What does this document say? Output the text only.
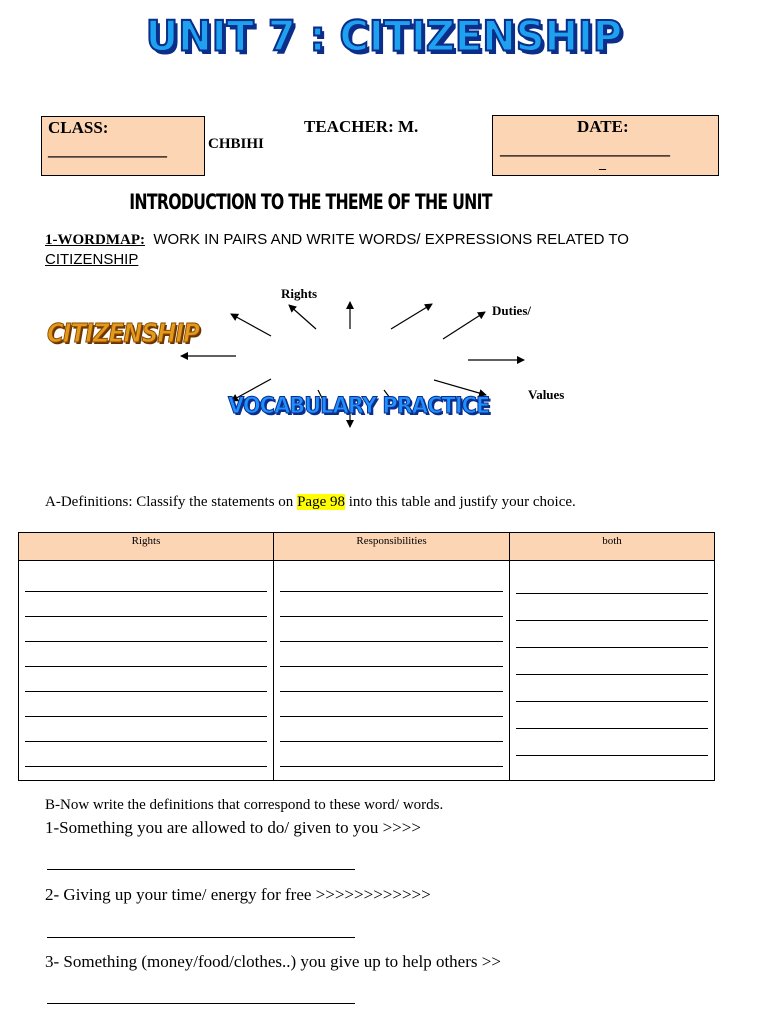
UNIT 7 : CITIZENSHIP
CLASS:
______________
TEACHER: M.
CHBIHI
DATE:
____________________
_
INTRODUCTION TO THE THEME OF THE UNIT
1-WORDMAP: WORK IN PAIRS AND WRITE WORDS/ EXPRESSIONS RELATED TO
CITIZENSHIP
Rights
Duties/
Values
CITIZENSHIP
VOCABULARY PRACTICE
A-Definitions: Classify the statements on Page 98 into this table and justify your choice.
Rights	Responsibilities	both

B-Now write the definitions that correspond to these word/ words.
1-Something you are allowed to do/ given to you >>>>
2- Giving up your time/ energy for free >>>>>>>>>>>>
3- Something (money/food/clothes..) you give up to help others >>
